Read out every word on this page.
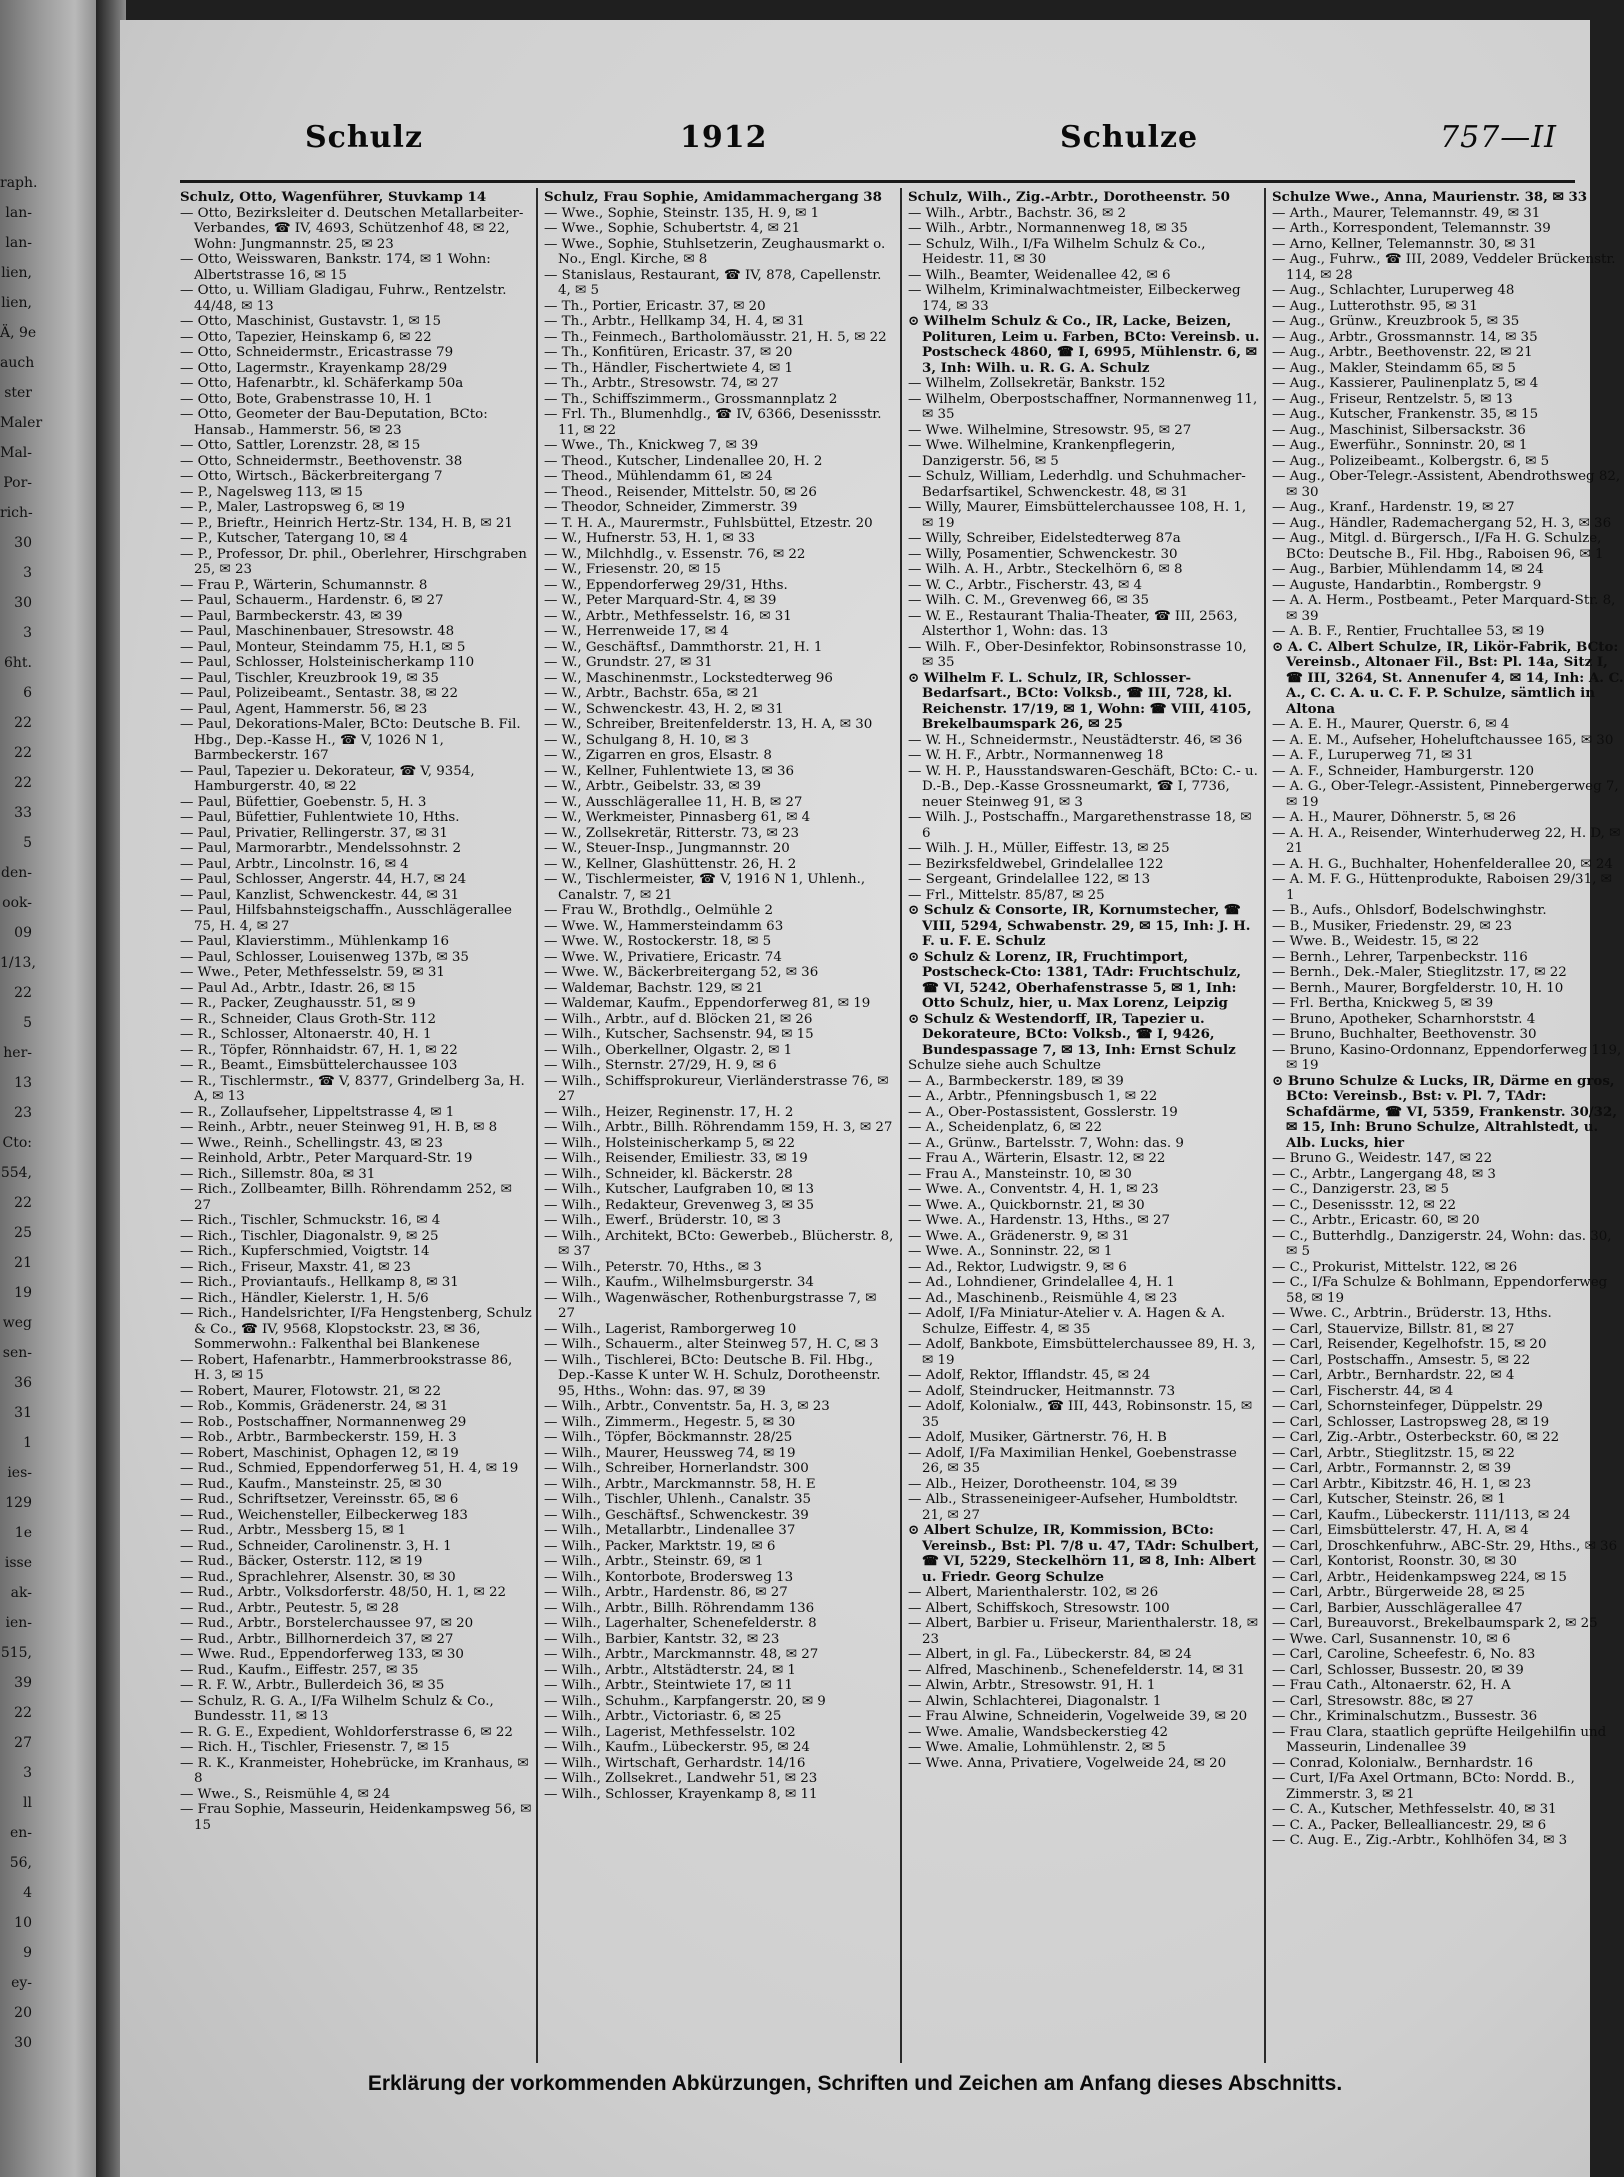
raph.
lan-
lan-
lien,
lien,
Ä, 9e
auch
ster
Maler
Mal-
Por-
rich-
30
3
30
3
6ht.
6
22
22
22
33
5
den-
ook-
09
1/13,
22
5
her-
13
23
Cto:
554,
22
25
21
19
weg
sen-
36
31
1
ies-
129
1e
isse
ak-
ien-
515,
39
22
27
3
ll
en-
56,
4
10
9
ey-
20
30
Schulz	1912	Schulze	757—II
Schulz, Otto, Wagenführer, Stuvkamp 14
— Otto, Bezirksleiter d. Deutschen Metallarbeiter-Verbandes, ☎ IV, 4693, Schützenhof 48, ✉ 22, Wohn: Jungmannstr. 25, ✉ 23
— Otto, Weisswaren, Bankstr. 174, ✉ 1 Wohn: Albertstrasse 16, ✉ 15
— Otto, u. William Gladigau, Fuhrw., Rentzelstr. 44/48, ✉ 13
— Otto, Maschinist, Gustavstr. 1, ✉ 15
— Otto, Tapezier, Heinskamp 6, ✉ 22
— Otto, Schneidermstr., Ericastrasse 79
— Otto, Lagermstr., Krayenkamp 28/29
— Otto, Hafenarbtr., kl. Schäferkamp 50a
— Otto, Bote, Grabenstrasse 10, H. 1
— Otto, Geometer der Bau-Deputation, BCto: Hansab., Hammerstr. 56, ✉ 23
— Otto, Sattler, Lorenzstr. 28, ✉ 15
— Otto, Schneidermstr., Beethovenstr. 38
— Otto, Wirtsch., Bäckerbreitergang 7
— P., Nagelsweg 113, ✉ 15
— P., Maler, Lastropsweg 6, ✉ 19
— P., Brieftr., Heinrich Hertz-Str. 134, H. B, ✉ 21
— P., Kutscher, Tatergang 10, ✉ 4
— P., Professor, Dr. phil., Oberlehrer, Hirschgraben 25, ✉ 23
— Frau P., Wärterin, Schumannstr. 8
— Paul, Schauerm., Hardenstr. 6, ✉ 27
— Paul, Barmbeckerstr. 43, ✉ 39
— Paul, Maschinenbauer, Stresowstr. 48
— Paul, Monteur, Steindamm 75, H.1, ✉ 5
— Paul, Schlosser, Holsteinischerkamp 110
— Paul, Tischler, Kreuzbrook 19, ✉ 35
— Paul, Polizeibeamt., Sentastr. 38, ✉ 22
— Paul, Agent, Hammerstr. 56, ✉ 23
— Paul, Dekorations-Maler, BCto: Deutsche B. Fil. Hbg., Dep.-Kasse H., ☎ V, 1026 N 1, Barmbeckerstr. 167
— Paul, Tapezier u. Dekorateur, ☎ V, 9354, Hamburgerstr. 40, ✉ 22
— Paul, Büfettier, Goebenstr. 5, H. 3
— Paul, Büfettier, Fuhlentwiete 10, Hths.
— Paul, Privatier, Rellingerstr. 37, ✉ 31
— Paul, Marmorarbtr., Mendelssohnstr. 2
— Paul, Arbtr., Lincolnstr. 16, ✉ 4
— Paul, Schlosser, Angerstr. 44, H.7, ✉ 24
— Paul, Kanzlist, Schwenckestr. 44, ✉ 31
— Paul, Hilfsbahnsteigschaffn., Ausschlägerallee 75, H. 4, ✉ 27
— Paul, Klavierstimm., Mühlenkamp 16
— Paul, Schlosser, Louisenweg 137b, ✉ 35
— Wwe., Peter, Methfesselstr. 59, ✉ 31
— Paul Ad., Arbtr., Idastr. 26, ✉ 15
— R., Packer, Zeughausstr. 51, ✉ 9
— R., Schneider, Claus Groth-Str. 112
— R., Schlosser, Altonaerstr. 40, H. 1
— R., Töpfer, Rönnhaidstr. 67, H. 1, ✉ 22
— R., Beamt., Eimsbüttelerchaussee 103
— R., Tischlermstr., ☎ V, 8377, Grindelberg 3a, H. A, ✉ 13
— R., Zollaufseher, Lippeltstrasse 4, ✉ 1
— Reinh., Arbtr., neuer Steinweg 91, H. B, ✉ 8
— Wwe., Reinh., Schellingstr. 43, ✉ 23
— Reinhold, Arbtr., Peter Marquard-Str. 19
— Rich., Sillemstr. 80a, ✉ 31
— Rich., Zollbeamter, Billh. Röhrendamm 252, ✉ 27
— Rich., Tischler, Schmuckstr. 16, ✉ 4
— Rich., Tischler, Diagonalstr. 9, ✉ 25
— Rich., Kupferschmied, Voigtstr. 14
— Rich., Friseur, Maxstr. 41, ✉ 23
— Rich., Proviantaufs., Hellkamp 8, ✉ 31
— Rich., Händler, Kielerstr. 1, H. 5/6
— Rich., Handelsrichter, I/Fa Hengstenberg, Schulz & Co., ☎ IV, 9568, Klopstockstr. 23, ✉ 36, Sommerwohn.: Falkenthal bei Blankenese
— Robert, Hafenarbtr., Hammerbrookstrasse 86, H. 3, ✉ 15
— Robert, Maurer, Flotowstr. 21, ✉ 22
— Rob., Kommis, Grädenerstr. 24, ✉ 31
— Rob., Postschaffner, Normannenweg 29
— Rob., Arbtr., Barmbeckerstr. 159, H. 3
— Robert, Maschinist, Ophagen 12, ✉ 19
— Rud., Schmied, Eppendorferweg 51, H. 4, ✉ 19
— Rud., Kaufm., Mansteinstr. 25, ✉ 30
— Rud., Schriftsetzer, Vereinsstr. 65, ✉ 6
— Rud., Weichensteller, Eilbeckerweg 183
— Rud., Arbtr., Messberg 15, ✉ 1
— Rud., Schneider, Carolinenstr. 3, H. 1
— Rud., Bäcker, Osterstr. 112, ✉ 19
— Rud., Sprachlehrer, Alsenstr. 30, ✉ 30
— Rud., Arbtr., Volksdorferstr. 48/50, H. 1, ✉ 22
— Rud., Arbtr., Peutestr. 5, ✉ 28
— Rud., Arbtr., Borstelerchaussee 97, ✉ 20
— Rud., Arbtr., Billhornerdeich 37, ✉ 27
— Wwe. Rud., Eppendorferweg 133, ✉ 30
— Rud., Kaufm., Eiffestr. 257, ✉ 35
— R. F. W., Arbtr., Bullerdeich 36, ✉ 35
— Schulz, R. G. A., I/Fa Wilhelm Schulz & Co., Bundesstr. 11, ✉ 13
— R. G. E., Expedient, Wohldorferstrasse 6, ✉ 22
— Rich. H., Tischler, Friesenstr. 7, ✉ 15
— R. K., Kranmeister, Hohebrücke, im Kranhaus, ✉ 8
— Wwe., S., Reismühle 4, ✉ 24
— Frau Sophie, Masseurin, Heidenkampsweg 56, ✉ 15
Schulz, Frau Sophie, Amidammachergang 38
— Wwe., Sophie, Steinstr. 135, H. 9, ✉ 1
— Wwe., Sophie, Schubertstr. 4, ✉ 21
— Wwe., Sophie, Stuhlsetzerin, Zeughausmarkt o. No., Engl. Kirche, ✉ 8
— Stanislaus, Restaurant, ☎ IV, 878, Capellenstr. 4, ✉ 5
— Th., Portier, Ericastr. 37, ✉ 20
— Th., Arbtr., Hellkamp 34, H. 4, ✉ 31
— Th., Feinmech., Bartholomäusstr. 21, H. 5, ✉ 22
— Th., Konfitüren, Ericastr. 37, ✉ 20
— Th., Händler, Fischertwiete 4, ✉ 1
— Th., Arbtr., Stresowstr. 74, ✉ 27
— Th., Schiffszimmerm., Grossmannplatz 2
— Frl. Th., Blumenhdlg., ☎ IV, 6366, Desenissstr. 11, ✉ 22
— Wwe., Th., Knickweg 7, ✉ 39
— Theod., Kutscher, Lindenallee 20, H. 2
— Theod., Mühlendamm 61, ✉ 24
— Theod., Reisender, Mittelstr. 50, ✉ 26
— Theodor, Schneider, Zimmerstr. 39
— T. H. A., Maurermstr., Fuhlsbüttel, Etzestr. 20
— W., Hufnerstr. 53, H. 1, ✉ 33
— W., Milchhdlg., v. Essenstr. 76, ✉ 22
— W., Friesenstr. 20, ✉ 15
— W., Eppendorferweg 29/31, Hths.
— W., Peter Marquard-Str. 4, ✉ 39
— W., Arbtr., Methfesselstr. 16, ✉ 31
— W., Herrenweide 17, ✉ 4
— W., Geschäftsf., Dammthorstr. 21, H. 1
— W., Grundstr. 27, ✉ 31
— W., Maschinenmstr., Lockstedterweg 96
— W., Arbtr., Bachstr. 65a, ✉ 21
— W., Schwenckestr. 43, H. 2, ✉ 31
— W., Schreiber, Breitenfelderstr. 13, H. A, ✉ 30
— W., Schulgang 8, H. 10, ✉ 3
— W., Zigarren en gros, Elsastr. 8
— W., Kellner, Fuhlentwiete 13, ✉ 36
— W., Arbtr., Geibelstr. 33, ✉ 39
— W., Ausschlägerallee 11, H. B, ✉ 27
— W., Werkmeister, Pinnasberg 61, ✉ 4
— W., Zollsekretär, Ritterstr. 73, ✉ 23
— W., Steuer-Insp., Jungmannstr. 20
— W., Kellner, Glashüttenstr. 26, H. 2
— W., Tischlermeister, ☎ V, 1916 N 1, Uhlenh., Canalstr. 7, ✉ 21
— Frau W., Brothdlg., Oelmühle 2
— Wwe. W., Hammersteindamm 63
— Wwe. W., Rostockerstr. 18, ✉ 5
— Wwe. W., Privatiere, Ericastr. 74
— Wwe. W., Bäckerbreitergang 52, ✉ 36
— Waldemar, Bachstr. 129, ✉ 21
— Waldemar, Kaufm., Eppendorferweg 81, ✉ 19
— Wilh., Arbtr., auf d. Blöcken 21, ✉ 26
— Wilh., Kutscher, Sachsenstr. 94, ✉ 15
— Wilh., Oberkellner, Olgastr. 2, ✉ 1
— Wilh., Sternstr. 27/29, H. 9, ✉ 6
— Wilh., Schiffsprokureur, Vierländerstrasse 76, ✉ 27
— Wilh., Heizer, Reginenstr. 17, H. 2
— Wilh., Arbtr., Billh. Röhrendamm 159, H. 3, ✉ 27
— Wilh., Holsteinischerkamp 5, ✉ 22
— Wilh., Reisender, Emiliestr. 33, ✉ 19
— Wilh., Schneider, kl. Bäckerstr. 28
— Wilh., Kutscher, Laufgraben 10, ✉ 13
— Wilh., Redakteur, Grevenweg 3, ✉ 35
— Wilh., Ewerf., Brüderstr. 10, ✉ 3
— Wilh., Architekt, BCto: Gewerbeb., Blücherstr. 8, ✉ 37
— Wilh., Peterstr. 70, Hths., ✉ 3
— Wilh., Kaufm., Wilhelmsburgerstr. 34
— Wilh., Wagenwäscher, Rothenburgstrasse 7, ✉ 27
— Wilh., Lagerist, Ramborgerweg 10
— Wilh., Schauerm., alter Steinweg 57, H. C, ✉ 3
— Wilh., Tischlerei, BCto: Deutsche B. Fil. Hbg., Dep.-Kasse K unter W. H. Schulz, Dorotheenstr. 95, Hths., Wohn: das. 97, ✉ 39
— Wilh., Arbtr., Conventstr. 5a, H. 3, ✉ 23
— Wilh., Zimmerm., Hegestr. 5, ✉ 30
— Wilh., Töpfer, Böckmannstr. 28/25
— Wilh., Maurer, Heussweg 74, ✉ 19
— Wilh., Schreiber, Hornerlandstr. 300
— Wilh., Arbtr., Marckmannstr. 58, H. E
— Wilh., Tischler, Uhlenh., Canalstr. 35
— Wilh., Geschäftsf., Schwenckestr. 39
— Wilh., Metallarbtr., Lindenallee 37
— Wilh., Packer, Marktstr. 19, ✉ 6
— Wilh., Arbtr., Steinstr. 69, ✉ 1
— Wilh., Kontorbote, Brodersweg 13
— Wilh., Arbtr., Hardenstr. 86, ✉ 27
— Wilh., Arbtr., Billh. Röhrendamm 136
— Wilh., Lagerhalter, Schenefelderstr. 8
— Wilh., Barbier, Kantstr. 32, ✉ 23
— Wilh., Arbtr., Marckmannstr. 48, ✉ 27
— Wilh., Arbtr., Altstädterstr. 24, ✉ 1
— Wilh., Arbtr., Steintwiete 17, ✉ 11
— Wilh., Schuhm., Karpfangerstr. 20, ✉ 9
— Wilh., Arbtr., Victoriastr. 6, ✉ 25
— Wilh., Lagerist, Methfesselstr. 102
— Wilh., Kaufm., Lübeckerstr. 95, ✉ 24
— Wilh., Wirtschaft, Gerhardstr. 14/16
— Wilh., Zollsekret., Landwehr 51, ✉ 23
— Wilh., Schlosser, Krayenkamp 8, ✉ 11
Schulz, Wilh., Zig.-Arbtr., Dorotheenstr. 50
— Wilh., Arbtr., Bachstr. 36, ✉ 2
— Wilh., Arbtr., Normannenweg 18, ✉ 35
— Schulz, Wilh., I/Fa Wilhelm Schulz & Co., Heidestr. 11, ✉ 30
— Wilh., Beamter, Weidenallee 42, ✉ 6
— Wilhelm, Kriminalwachtmeister, Eilbeckerweg 174, ✉ 33
⊙ Wilhelm Schulz & Co., IR, Lacke, Beizen, Polituren, Leim u. Farben, BCto: Vereinsb. u. Postscheck 4860, ☎ I, 6995, Mühlenstr. 6, ✉ 3, Inh: Wilh. u. R. G. A. Schulz
— Wilhelm, Zollsekretär, Bankstr. 152
— Wilhelm, Oberpostschaffner, Normannenweg 11, ✉ 35
— Wwe. Wilhelmine, Stresowstr. 95, ✉ 27
— Wwe. Wilhelmine, Krankenpflegerin, Danzigerstr. 56, ✉ 5
— Schulz, William, Lederhdlg. und Schuhmacher-Bedarfsartikel, Schwenckestr. 48, ✉ 31
— Willy, Maurer, Eimsbüttelerchaussee 108, H. 1, ✉ 19
— Willy, Schreiber, Eidelstedterweg 87a
— Willy, Posamentier, Schwenckestr. 30
— Wilh. A. H., Arbtr., Steckelhörn 6, ✉ 8
— W. C., Arbtr., Fischerstr. 43, ✉ 4
— Wilh. C. M., Grevenweg 66, ✉ 35
— W. E., Restaurant Thalia-Theater, ☎ III, 2563, Alsterthor 1, Wohn: das. 13
— Wilh. F., Ober-Desinfektor, Robinsonstrasse 10, ✉ 35
⊙ Wilhelm F. L. Schulz, IR, Schlosser-Bedarfsart., BCto: Volksb., ☎ III, 728, kl. Reichenstr. 17/19, ✉ 1, Wohn: ☎ VIII, 4105, Brekelbaumspark 26, ✉ 25
— W. H., Schneidermstr., Neustädterstr. 46, ✉ 36
— W. H. F., Arbtr., Normannenweg 18
— W. H. P., Hausstandswaren-Geschäft, BCto: C.- u. D.-B., Dep.-Kasse Grossneumarkt, ☎ I, 7736, neuer Steinweg 91, ✉ 3
— Wilh. J., Postschaffn., Margarethenstrasse 18, ✉ 6
— Wilh. J. H., Müller, Eiffestr. 13, ✉ 25
— Bezirksfeldwebel, Grindelallee 122
— Sergeant, Grindelallee 122, ✉ 13
— Frl., Mittelstr. 85/87, ✉ 25
⊙ Schulz & Consorte, IR, Kornumstecher, ☎ VIII, 5294, Schwabenstr. 29, ✉ 15, Inh: J. H. F. u. F. E. Schulz
⊙ Schulz & Lorenz, IR, Fruchtimport, Postscheck-Cto: 1381, TAdr: Fruchtschulz, ☎ VI, 5242, Oberhafenstrasse 5, ✉ 1, Inh: Otto Schulz, hier, u. Max Lorenz, Leipzig
⊙ Schulz & Westendorff, IR, Tapezier u. Dekorateure, BCto: Volksb., ☎ I, 9426, Bundespassage 7, ✉ 13, Inh: Ernst Schulz
Schulze siehe auch Schultze
— A., Barmbeckerstr. 189, ✉ 39
— A., Arbtr., Pfenningsbusch 1, ✉ 22
— A., Ober-Postassistent, Gosslerstr. 19
— A., Scheidenplatz, 6, ✉ 22
— A., Grünw., Bartelsstr. 7, Wohn: das. 9
— Frau A., Wärterin, Elsastr. 12, ✉ 22
— Frau A., Mansteinstr. 10, ✉ 30
— Wwe. A., Conventstr. 4, H. 1, ✉ 23
— Wwe. A., Quickbornstr. 21, ✉ 30
— Wwe. A., Hardenstr. 13, Hths., ✉ 27
— Wwe. A., Grädenerstr. 9, ✉ 31
— Wwe. A., Sonninstr. 22, ✉ 1
— Ad., Rektor, Ludwigstr. 9, ✉ 6
— Ad., Lohndiener, Grindelallee 4, H. 1
— Ad., Maschinenb., Reismühle 4, ✉ 23
— Adolf, I/Fa Miniatur-Atelier v. A. Hagen & A. Schulze, Eiffestr. 4, ✉ 35
— Adolf, Bankbote, Eimsbüttelerchaussee 89, H. 3, ✉ 19
— Adolf, Rektor, Ifflandstr. 45, ✉ 24
— Adolf, Steindrucker, Heitmannstr. 73
— Adolf, Kolonialw., ☎ III, 443, Robinsonstr. 15, ✉ 35
— Adolf, Musiker, Gärtnerstr. 76, H. B
— Adolf, I/Fa Maximilian Henkel, Goebenstrasse 26, ✉ 35
— Alb., Heizer, Dorotheenstr. 104, ✉ 39
— Alb., Strasseneinigeer-Aufseher, Humboldtstr. 21, ✉ 27
⊙ Albert Schulze, IR, Kommission, BCto: Vereinsb., Bst: Pl. 7/8 u. 47, TAdr: Schulbert, ☎ VI, 5229, Steckelhörn 11, ✉ 8, Inh: Albert u. Friedr. Georg Schulze
— Albert, Marienthalerstr. 102, ✉ 26
— Albert, Schiffskoch, Stresowstr. 100
— Albert, Barbier u. Friseur, Marienthalerstr. 18, ✉ 23
— Albert, in gl. Fa., Lübeckerstr. 84, ✉ 24
— Alfred, Maschinenb., Schenefelderstr. 14, ✉ 31
— Alwin, Arbtr., Stresowstr. 91, H. 1
— Alwin, Schlachterei, Diagonalstr. 1
— Frau Alwine, Schneiderin, Vogelweide 39, ✉ 20
— Wwe. Amalie, Wandsbeckerstieg 42
— Wwe. Amalie, Lohmühlenstr. 2, ✉ 5
— Wwe. Anna, Privatiere, Vogelweide 24, ✉ 20
Schulze Wwe., Anna, Maurienstr. 38, ✉ 33
— Arth., Maurer, Telemannstr. 49, ✉ 31
— Arth., Korrespondent, Telemannstr. 39
— Arno, Kellner, Telemannstr. 30, ✉ 31
— Aug., Fuhrw., ☎ III, 2089, Veddeler Brückenstr. 114, ✉ 28
— Aug., Schlachter, Luruperweg 48
— Aug., Lutterothstr. 95, ✉ 31
— Aug., Grünw., Kreuzbrook 5, ✉ 35
— Aug., Arbtr., Grossmannstr. 14, ✉ 35
— Aug., Arbtr., Beethovenstr. 22, ✉ 21
— Aug., Makler, Steindamm 65, ✉ 5
— Aug., Kassierer, Paulinenplatz 5, ✉ 4
— Aug., Friseur, Rentzelstr. 5, ✉ 13
— Aug., Kutscher, Frankenstr. 35, ✉ 15
— Aug., Maschinist, Silbersackstr. 36
— Aug., Ewerführ., Sonninstr. 20, ✉ 1
— Aug., Polizeibeamt., Kolbergstr. 6, ✉ 5
— Aug., Ober-Telegr.-Assistent, Abendrothsweg 82, ✉ 30
— Aug., Kranf., Hardenstr. 19, ✉ 27
— Aug., Händler, Rademachergang 52, H. 3, ✉ 36
— Aug., Mitgl. d. Bürgersch., I/Fa H. G. Schulze, BCto: Deutsche B., Fil. Hbg., Raboisen 96, ✉ 1
— Aug., Barbier, Mühlendamm 14, ✉ 24
— Auguste, Handarbtin., Rombergstr. 9
— A. A. Herm., Postbeamt., Peter Marquard-Str. 8, ✉ 39
— A. B. F., Rentier, Fruchtallee 53, ✉ 19
⊙ A. C. Albert Schulze, IR, Likör-Fabrik, BCto: Vereinsb., Altonaer Fil., Bst: Pl. 14a, Sitz I, ☎ III, 3264, St. Annenufer 4, ✉ 14, Inh: A. C. A., C. C. A. u. C. F. P. Schulze, sämtlich in Altona
— A. E. H., Maurer, Querstr. 6, ✉ 4
— A. E. M., Aufseher, Hoheluftchaussee 165, ✉ 30
— A. F., Luruperweg 71, ✉ 31
— A. F., Schneider, Hamburgerstr. 120
— A. G., Ober-Telegr.-Assistent, Pinnebergerweg 7, ✉ 19
— A. H., Maurer, Döhnerstr. 5, ✉ 26
— A. H. A., Reisender, Winterhuderweg 22, H. D, ✉ 21
— A. H. G., Buchhalter, Hohenfelderallee 20, ✉ 24
— A. M. F. G., Hüttenprodukte, Raboisen 29/31, ✉ 1
— B., Aufs., Ohlsdorf, Bodelschwinghstr.
— B., Musiker, Friedenstr. 29, ✉ 23
— Wwe. B., Weidestr. 15, ✉ 22
— Bernh., Lehrer, Tarpenbeckstr. 116
— Bernh., Dek.-Maler, Stieglitzstr. 17, ✉ 22
— Bernh., Maurer, Borgfelderstr. 10, H. 10
— Frl. Bertha, Knickweg 5, ✉ 39
— Bruno, Apotheker, Scharnhorststr. 4
— Bruno, Buchhalter, Beethovenstr. 30
— Bruno, Kasino-Ordonnanz, Eppendorferweg 119, ✉ 19
⊙ Bruno Schulze & Lucks, IR, Därme en gros, BCto: Vereinsb., Bst: v. Pl. 7, TAdr: Schafdärme, ☎ VI, 5359, Frankenstr. 30/32, ✉ 15, Inh: Bruno Schulze, Altrahlstedt, u. Alb. Lucks, hier
— Bruno G., Weidestr. 147, ✉ 22
— C., Arbtr., Langergang 48, ✉ 3
— C., Danzigerstr. 23, ✉ 5
— C., Desenissstr. 12, ✉ 22
— C., Arbtr., Ericastr. 60, ✉ 20
— C., Butterhdlg., Danzigerstr. 24, Wohn: das. 30, ✉ 5
— C., Prokurist, Mittelstr. 122, ✉ 26
— C., I/Fa Schulze & Bohlmann, Eppendorferweg 58, ✉ 19
— Wwe. C., Arbtrin., Brüderstr. 13, Hths.
— Carl, Stauervize, Billstr. 81, ✉ 27
— Carl, Reisender, Kegelhofstr. 15, ✉ 20
— Carl, Postschaffn., Amsestr. 5, ✉ 22
— Carl, Arbtr., Bernhardstr. 22, ✉ 4
— Carl, Fischerstr. 44, ✉ 4
— Carl, Schornsteinfeger, Düppelstr. 29
— Carl, Schlosser, Lastropsweg 28, ✉ 19
— Carl, Zig.-Arbtr., Osterbeckstr. 60, ✉ 22
— Carl, Arbtr., Stieglitzstr. 15, ✉ 22
— Carl, Arbtr., Formannstr. 2, ✉ 39
— Carl Arbtr., Kibitzstr. 46, H. 1, ✉ 23
— Carl, Kutscher, Steinstr. 26, ✉ 1
— Carl, Kaufm., Lübeckerstr. 111/113, ✉ 24
— Carl, Eimsbüttelerstr. 47, H. A, ✉ 4
— Carl, Droschkenfuhrw., ABC-Str. 29, Hths., ✉ 36
— Carl, Kontorist, Roonstr. 30, ✉ 30
— Carl, Arbtr., Heidenkampsweg 224, ✉ 15
— Carl, Arbtr., Bürgerweide 28, ✉ 25
— Carl, Barbier, Ausschlägerallee 47
— Carl, Bureauvorst., Brekelbaumspark 2, ✉ 25
— Wwe. Carl, Susannenstr. 10, ✉ 6
— Carl, Caroline, Scheefestr. 6, No. 83
— Carl, Schlosser, Bussestr. 20, ✉ 39
— Frau Cath., Altonaerstr. 62, H. A
— Carl, Stresowstr. 88c, ✉ 27
— Chr., Kriminalschutzm., Bussestr. 36
— Frau Clara, staatlich geprüfte Heilgehilfin und Masseurin, Lindenallee 39
— Conrad, Kolonialw., Bernhardstr. 16
— Curt, I/Fa Axel Ortmann, BCto: Nordd. B., Zimmerstr. 3, ✉ 21
— C. A., Kutscher, Methfesselstr. 40, ✉ 31
— C. A., Packer, Bellealliancestr. 29, ✉ 6
— C. Aug. E., Zig.-Arbtr., Kohlhöfen 34, ✉ 3
Erklärung der vorkommenden Abkürzungen, Schriften und Zeichen am Anfang dieses Abschnitts.
